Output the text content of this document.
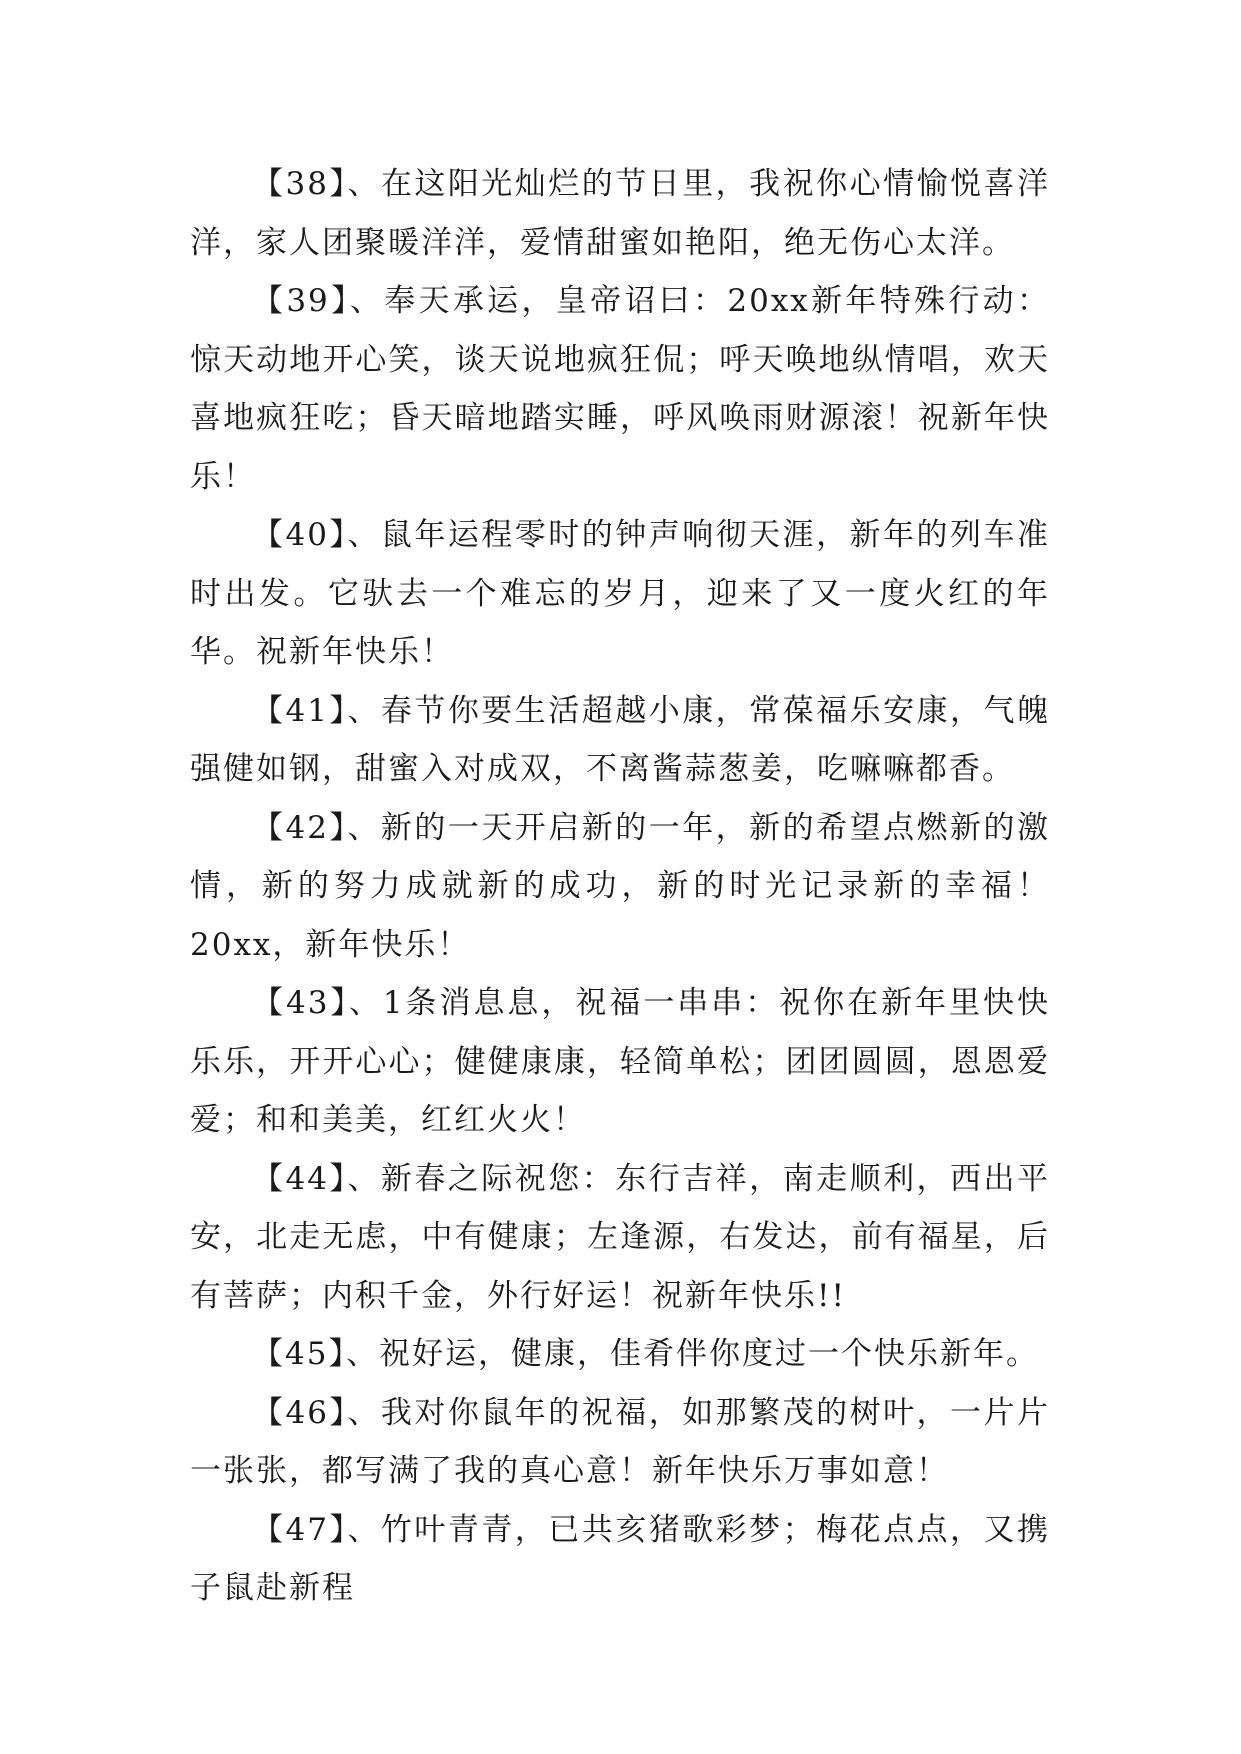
【38】、在这阳光灿烂的节日里，我祝你心情愉悦喜洋洋，家人团聚暖洋洋，爱情甜蜜如艳阳，绝无伤心太洋。

【39】、奉天承运，皇帝诏曰：20xx新年特殊行动：惊天动地开心笑，谈天说地疯狂侃；呼天唤地纵情唱，欢天喜地疯狂吃；昏天暗地踏实睡，呼风唤雨财源滚！祝新年快乐！

【40】、鼠年运程零时的钟声响彻天涯，新年的列车准时出发。它驮去一个难忘的岁月，迎来了又一度火红的年华。祝新年快乐！

【41】、春节你要生活超越小康，常葆福乐安康，气魄强健如钢，甜蜜入对成双，不离酱蒜葱姜，吃嘛嘛都香。

【42】、新的一天开启新的一年，新的希望点燃新的激情，新的努力成就新的成功，新的时光记录新的幸福！20xx，新年快乐！

【43】、1条消息息，祝福一串串：祝你在新年里快快乐乐，开开心心；健健康康，轻简单松；团团圆圆，恩恩爱爱；和和美美，红红火火！

【44】、新春之际祝您：东行吉祥，南走顺利，西出平安，北走无虑，中有健康；左逢源，右发达，前有福星，后有菩萨；内积千金，外行好运！祝新年快乐!!

【45】、祝好运，健康，佳肴伴你度过一个快乐新年。

【46】、我对你鼠年的祝福，如那繁茂的树叶，一片片一张张，都写满了我的真心意！新年快乐万事如意！

【47】、竹叶青青，已共亥猪歌彩梦；梅花点点，又携子鼠赴新程
